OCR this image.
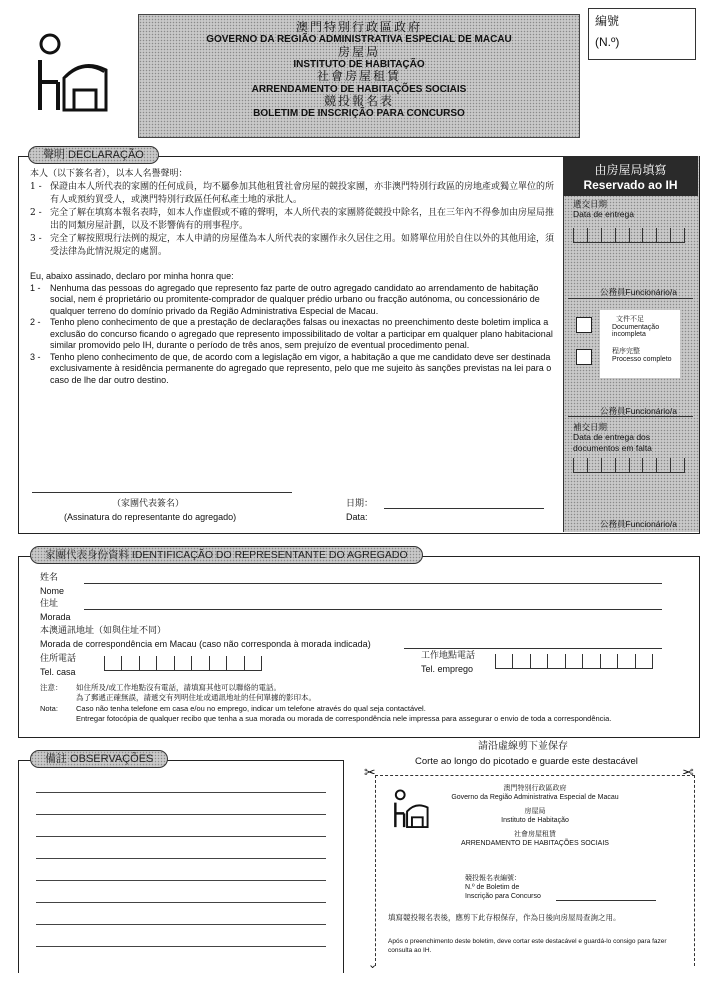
澳門特別行政區政府
GOVERNO DA REGIÃO ADMINISTRATIVA ESPECIAL DE MACAU
房屋局
INSTITUTO DE HABITAÇÃO
社會房屋租賃
ARRENDAMENTO DE HABITAÇÕES SOCIAIS
競投報名表
BOLETIM DE INSCRIÇÃO PARA CONCURSO
編號
(N.º)
聲明 DECLARAÇÃO
本人（以下簽名者），以本人名譽聲明：
1 - 保證由本人所代表的家團的任何成員，均不屬參加其他租賃社會房屋的競投家團，亦非澳門特別行政區的房地產或獨立單位的所有人或預約買受人，或澳門特別行政區任何私產土地的承批人。
2 - 完全了解在填寫本報名表時，如本人作虛假或不確的聲明，本人所代表的家團將從競投中除名，且在三年內不得參加由房屋局推出的同類房屋計劃，以及不影響倘有的刑事程序。
3 - 完全了解按照現行法例的規定，本人申請的房屋僅為本人所代表的家團作永久居住之用。如將單位用於自住以外的其他用途，須受法律為此情況規定的處罰。
Eu, abaixo assinado, declaro por minha honra que:
1 -	Nenhuma das pessoas do agregado que represento faz parte de outro agregado candidato ao arrendamento de habitação social, nem é proprietário ou promitente-comprador de qualquer prédio urbano ou fracção autónoma, ou concessionário de qualquer terreno do domínio privado da Região Administrativa Especial de Macau.
2 -	Tenho pleno conhecimento de que a prestação de declarações falsas ou inexactas no preenchimento deste boletim implica a exclusão do concurso ficando o agregado que represento impossibilitado de voltar a participar em qualquer plano habitacional similar promovido pelo IH, durante o período de três anos, sem prejuízo de eventual procedimento penal.
3 -	Tenho pleno conhecimento de que, de acordo com a legislação em vigor, a habitação a que me candidato deve ser destinada exclusivamente à residência permanente do agregado que represento, pelo que me sujeito às sanções previstas na lei para o caso de lhe dar outro destino.
（家團代表簽名）
(Assinatura do representante do agregado)
日期：
Data:
由房屋局填寫
Reservado ao IH
遞交日期
Data de entrega
公務員Funcionário/a
文件不足
Documentação
incompleta
程序完整
Processo completo
公務員Funcionário/a
補交日期
Data de entrega dos
documentos em falta
公務員Funcionário/a
家團代表身份資料 IDENTIFICAÇÃO DO REPRESENTANTE DO AGREGADO
姓名
Nome
住址
Morada
本澳通訊地址（如與住址不同）
Morada de correspondência em Macau (caso não corresponda à morada indicada)
住所電話
Tel. casa
工作地點電話
Tel. emprego
注意： 如住所及/或工作地點沒有電話，請填寫其他可以聯絡的電話。
為了郵遞正確無誤，請遞交有列明住址或通訊地址的任何單據的影印本。
Nota:	Caso não tenha telefone em casa e/ou no emprego, indicar um telefone através do qual seja contactável.
Entregar fotocópia de qualquer recibo que tenha a sua morada ou morada de correspondência nele impressa para assegurar o envio de toda a correspondência.
備註 OBSERVAÇÕES
請沿虛線剪下並保存
Corte ao longo do picotado e guarde este destacável
✂	✂
⌄
澳門特別行政區政府
Governo da Região Administrativa Especial de Macau
房屋局
Instituto de Habitação
社會房屋租賃
ARRENDAMENTO DE HABITAÇÕES SOCIAIS
競投報名表編號：
N.º de Boletim de
Inscrição para Concurso
填寫競投報名表後，應剪下此存根保存，作為日後向房屋局查詢之用。
Após o preenchimento deste boletim, deve cortar este destacável e guardá-lo consigo para fazer consulta ao IH.
